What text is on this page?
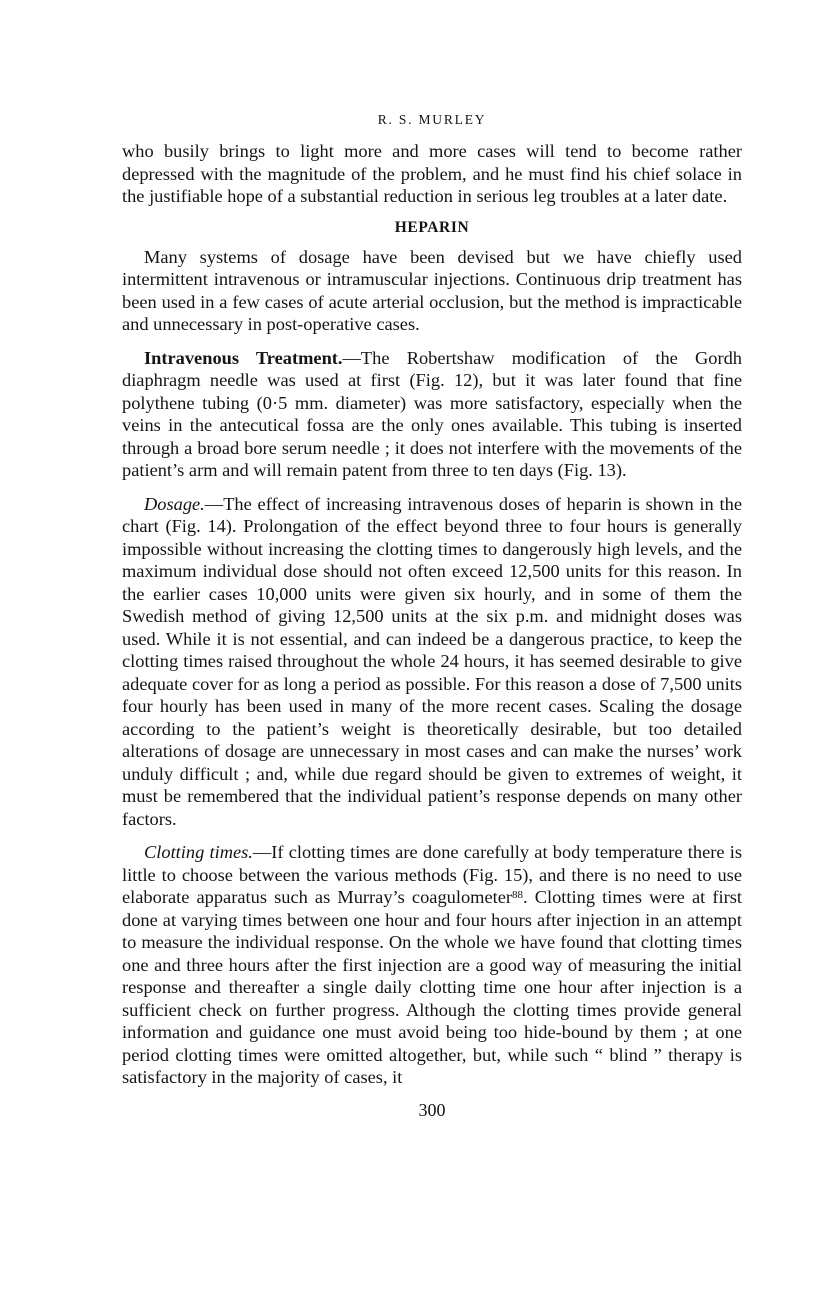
R. S. MURLEY

who busily brings to light more and more cases will tend to become rather depressed with the magnitude of the problem, and he must find his chief solace in the justifiable hope of a substantial reduction in serious leg troubles at a later date.

HEPARIN

Many systems of dosage have been devised but we have chiefly used intermittent intravenous or intramuscular injections. Continuous drip treatment has been used in a few cases of acute arterial occlusion, but the method is impracticable and unnecessary in post-operative cases.

Intravenous Treatment.—The Robertshaw modification of the Gordh diaphragm needle was used at first (Fig. 12), but it was later found that fine polythene tubing (0·5 mm. diameter) was more satisfactory, especially when the veins in the antecutical fossa are the only ones available. This tubing is inserted through a broad bore serum needle ; it does not interfere with the movements of the patient’s arm and will remain patent from three to ten days (Fig. 13).

Dosage.—The effect of increasing intravenous doses of heparin is shown in the chart (Fig. 14). Prolongation of the effect beyond three to four hours is generally impossible without increasing the clotting times to dangerously high levels, and the maximum individual dose should not often exceed 12,500 units for this reason. In the earlier cases 10,000 units were given six hourly, and in some of them the Swedish method of giving 12,500 units at the six p.m. and midnight doses was used. While it is not essential, and can indeed be a dangerous practice, to keep the clotting times raised throughout the whole 24 hours, it has seemed desirable to give adequate cover for as long a period as possible. For this reason a dose of 7,500 units four hourly has been used in many of the more recent cases. Scaling the dosage according to the patient’s weight is theoretically desirable, but too detailed alterations of dosage are unnecessary in most cases and can make the nurses’ work unduly difficult ; and, while due regard should be given to extremes of weight, it must be remembered that the individual patient’s response depends on many other factors.

Clotting times.—If clotting times are done carefully at body temperature there is little to choose between the various methods (Fig. 15), and there is no need to use elaborate apparatus such as Murray’s coagulometer$^{88}$. Clotting times were at first done at varying times between one hour and four hours after injection in an attempt to measure the individual response. On the whole we have found that clotting times one and three hours after the first injection are a good way of measuring the initial response and thereafter a single daily clotting time one hour after injection is a sufficient check on further progress. Although the clotting times provide general information and guidance one must avoid being too hide-bound by them ; at one period clotting times were omitted altogether, but, while such “ blind ” therapy is satisfactory in the majority of cases, it

300
